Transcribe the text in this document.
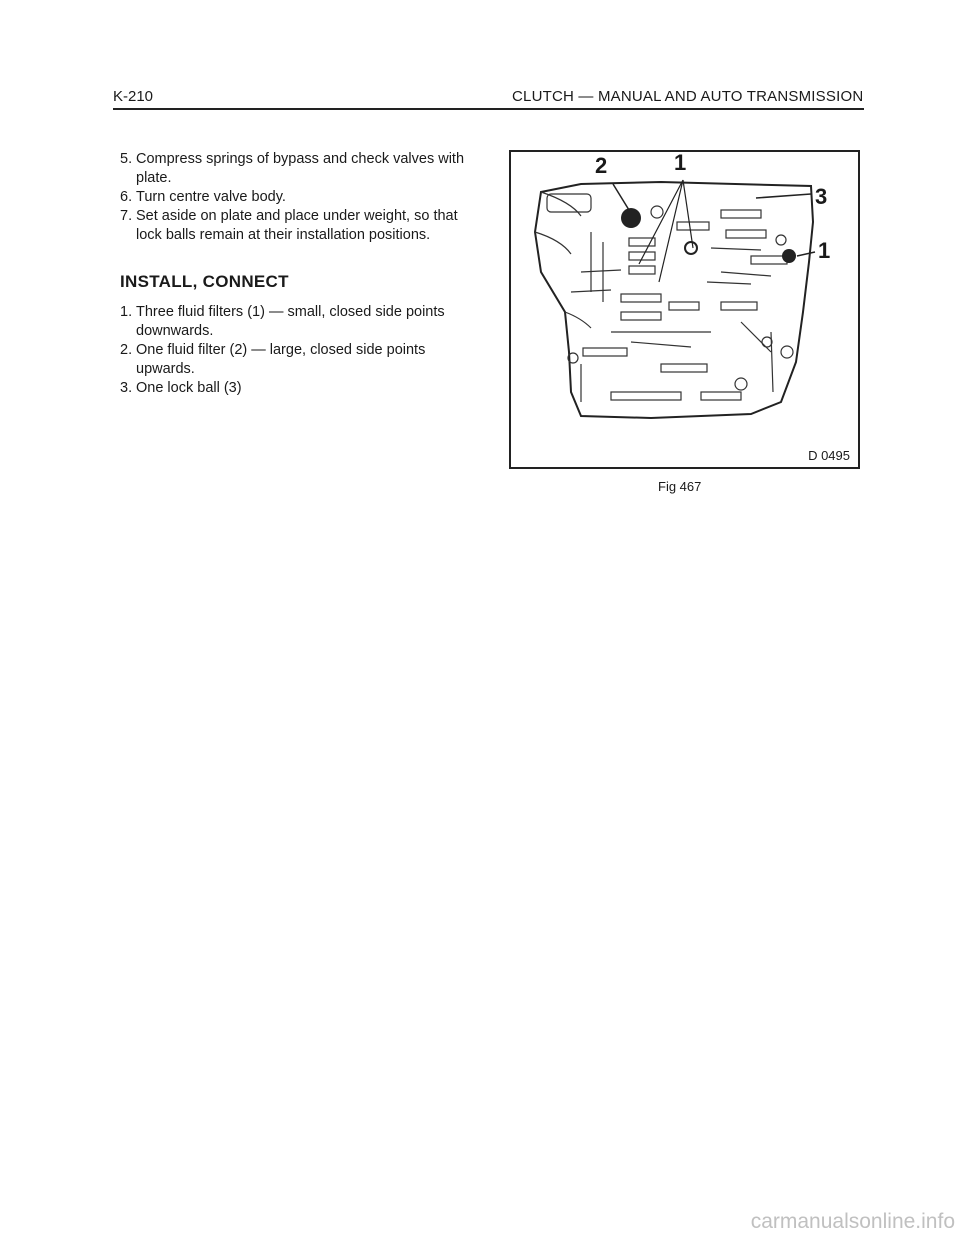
K-210	CLUTCH — MANUAL AND AUTO TRANSMISSION
5. Compress springs of bypass and check valves with plate.
6. Turn centre valve body.
7. Set aside on plate and place under weight, so that lock balls remain at their installation positions.
INSTALL, CONNECT
1. Three fluid filters (1) — small, closed side points downwards.
2. One fluid filter (2) — large, closed side points upwards.
3. One lock ball (3)
D 0495
2	1
3
1
Fig 467
carmanualsonline.info
